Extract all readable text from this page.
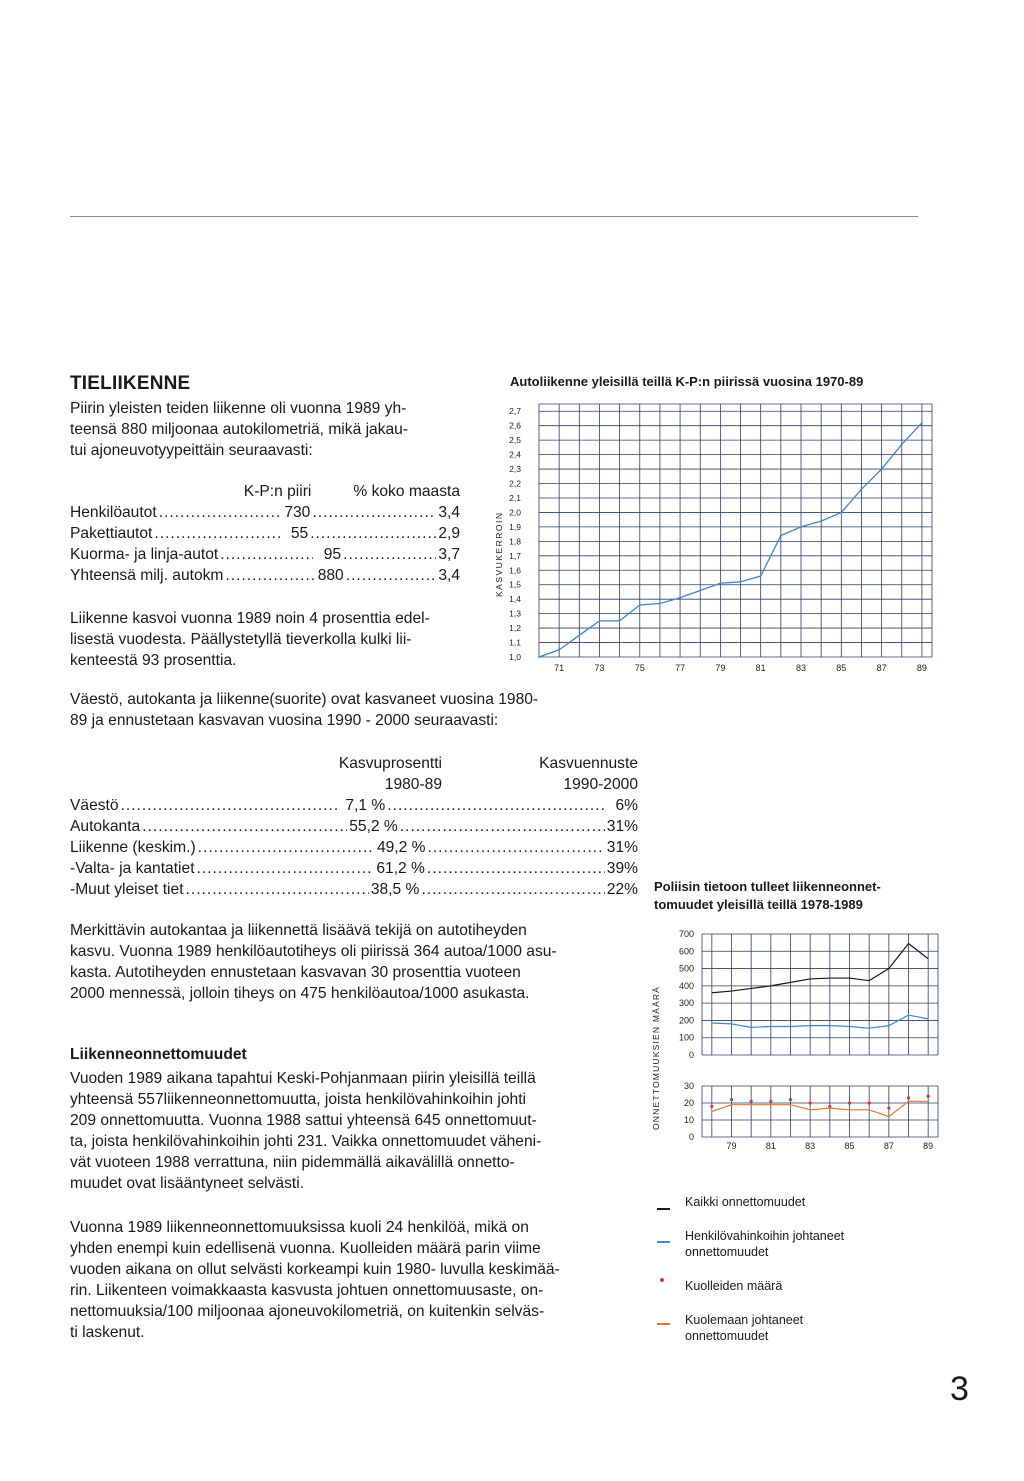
TIELIIKENNE
Piirin yleisten teiden liikenne oli vuonna 1989 yh-
teensä 880 miljoonaa autokilometriä, mikä jakau-
tui ajoneuvotyypeittäin seuraavasti:
K-P:n piiri	% koko maasta
Henkilöautot .....	730 .....	3,4
Pakettiautot .....	55 .....	2,9
Kuorma- ja linja-autot .....	95 .....	3,7
Yhteensä milj. autokm .....	880 .....	3,4
Liikenne kasvoi vuonna 1989 noin 4 prosenttia edel-
lisestä vuodesta. Päällystetyllä tieverkolla kulki lii-
kenteestä 93 prosenttia.
Autoliikenne yleisillä teillä K-P:n piirissä vuosina 1970-89
1,0
1,1
1,2
1,3
1,4
1,5
1,6
1,7
1,8
1,9
2,0
2,1
2,2
2,3
2,4
2,5
2,6
2,7
71	73	75	77	79	81	83	85	87	89
KASVUKERROIN
Väestö, autokanta ja liikenne(suorite) ovat kasvaneet vuosina 1980-
89 ja ennustetaan kasvavan vuosina 1990 - 2000 seuraavasti:
Kasvuprosentti
1980-89
Kasvuennuste
1990-2000
Väestö .....	7,1 % .....	6%
Autokanta .....	55,2 % .....	31%
Liikenne (keskim.) .....	49,2 % .....	31%
-Valta- ja kantatiet .....	61,2 % .....	39%
-Muut yleiset tiet .....	38,5 % .....	22%
Merkittävin autokantaa ja liikennettä lisäävä tekijä on autotiheyden
kasvu. Vuonna 1989 henkilöautotiheys oli piirissä 364 autoa/1000 asu-
kasta. Autotiheyden ennustetaan kasvavan 30 prosenttia vuoteen
2000 mennessä, jolloin tiheys on 475 henkilöautoa/1000 asukasta.
Liikenneonnettomuudet
Vuoden 1989 aikana tapahtui Keski-Pohjanmaan piirin yleisillä teillä
yhteensä 557liikenneonnettomuutta, joista henkilövahinkoihin johti
209 onnettomuutta. Vuonna 1988 sattui yhteensä 645 onnettomuut-
ta, joista henkilövahinkoihin johti 231. Vaikka onnettomuudet väheni-
vät vuoteen 1988 verrattuna, niin pidemmällä aikavälillä onnetto-
muudet ovat lisääntyneet selvästi.
Vuonna 1989 liikenneonnettomuuksissa kuoli 24 henkilöä, mikä on
yhden enempi kuin edellisenä vuonna. Kuolleiden määrä parin viime
vuoden aikana on ollut selvästi korkeampi kuin 1980- luvulla keskimää-
rin. Liikenteen voimakkaasta kasvusta johtuen onnettomuusaste, on-
nettomuuksia/100 miljoonaa ajoneuvokilometriä, on kuitenkin selväs-
ti laskenut.
Poliisin tietoon tulleet liikenneonnet-
tomuudet yleisillä teillä 1978-1989
0
100
200
300
400
500
600
700
0
10
20
30
79	81	83	85	87	89
ONNETTOMUUKSIEN MÄÄRÄ
Kaikki onnettomuudet
Henkilövahinkoihin johtaneet
onnettomuudet
Kuolleiden määrä
Kuolemaan johtaneet
onnettomuudet
3
